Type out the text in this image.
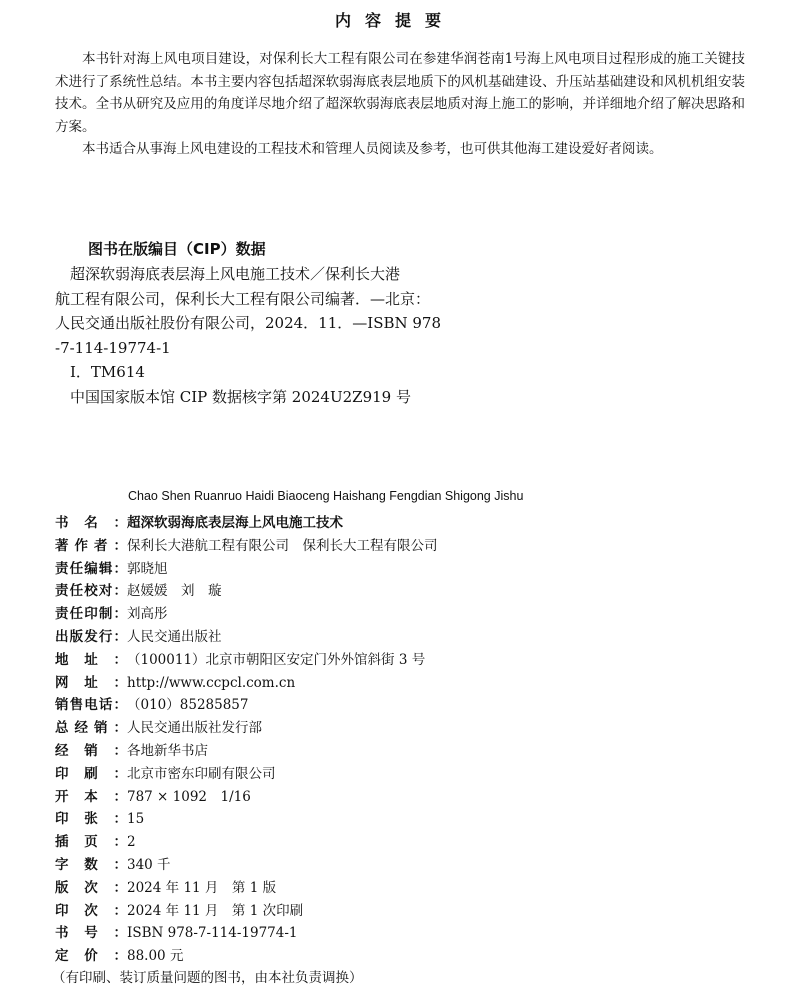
内容提要

本书针对海上风电项目建设，对保利长大工程有限公司在参建华润苍南1号海上风电项目过程形成的施工关键技术进行了系统性总结。本书主要内容包括超深软弱海底表层地质下的风机基础建设、升压站基础建设和风机机组安装技术。全书从研究及应用的角度详尽地介绍了超深软弱海底表层地质对海上施工的影响，并详细地介绍了解决思路和方案。

本书适合从事海上风电建设的工程技术和管理人员阅读及参考，也可供其他海工建设爱好者阅读。

图书在版编目（CIP）数据
　超深软弱海底表层海上风电施工技术／保利长大港
航工程有限公司，保利长大工程有限公司编著．—北京：
人民交通出版社股份有限公司，2024．11．—ISBN 978
-7-114-19774-1
　Ⅰ．TM614
　中国国家版本馆 CIP 数据核字第 2024U2Z919 号
Chao Shen Ruanruo Haidi Biaoceng Haishang Fengdian Shigong Jishu
书 名 ： 超深软弱海底表层海上风电施工技术
著 作 者 ： 保利长大港航工程有限公司　保利长大工程有限公司
责 任 编 辑 ： 郭晓旭
责 任 校 对 ： 赵媛媛　刘　璇
责 任 印 制 ： 刘高彤
出 版 发 行 ： 人民交通出版社
地 址 ： （100011）北京市朝阳区安定门外外馆斜街 3 号
网 址 ： http://www.ccpcl.com.cn
销 售 电 话 ： （010）85285857
总 经 销 ： 人民交通出版社发行部
经 销 ： 各地新华书店
印 刷 ： 北京市密东印刷有限公司
开 本 ： 787 × 1092　1/16
印 张 ： 15
插 页 ： 2
字 数 ： 340 千
版 次 ： 2024 年 11 月　第 1 版
印 次 ： 2024 年 11 月　第 1 次印刷
书 号 ： ISBN 978-7-114-19774-1
定 价 ： 88.00 元
（有印刷、装订质量问题的图书，由本社负责调换）
